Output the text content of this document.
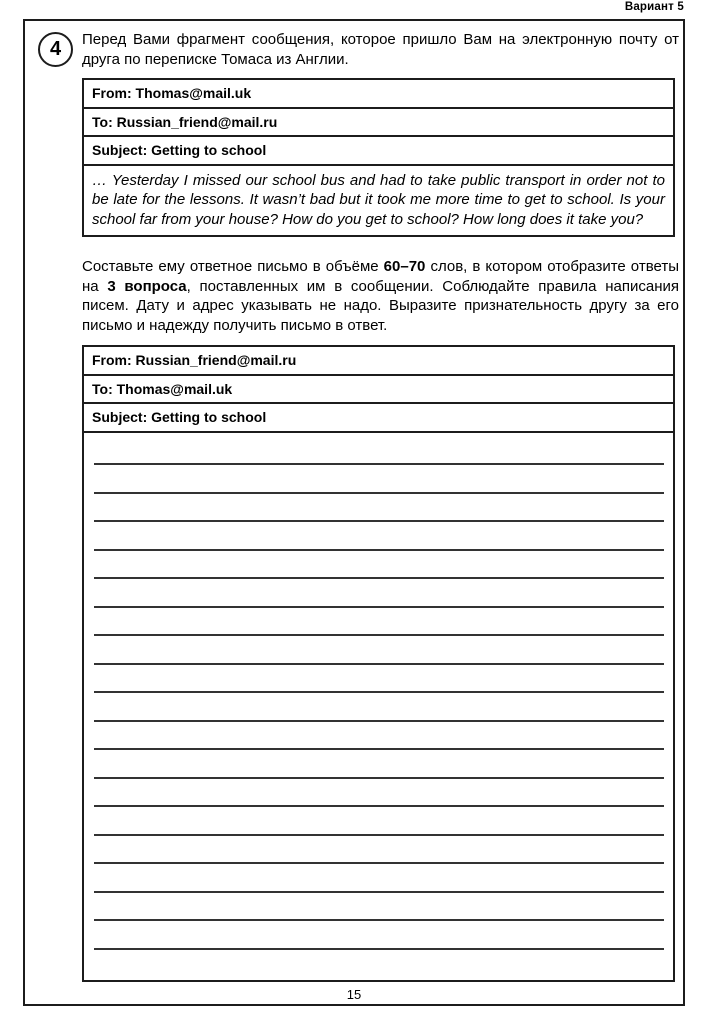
Вариант 5
4 Перед Вами фрагмент сообщения, которое пришло Вам на электронную почту от друга по переписке Томаса из Англии.

From: Thomas@mail.uk
To: Russian_friend@mail.ru
Subject: Getting to school
… Yesterday I missed our school bus and had to take public transport in order not to be late for the lessons. It wasn’t bad but it took me more time to get to school. Is your school far from your house? How do you get to school? How long does it take you?

Составьте ему ответное письмо в объёме 60–70 слов, в котором отобразите ответы на 3 вопроса, поставленных им в сообщении. Соблюдайте правила написания писем. Дату и адрес указывать не надо. Выразите признательность другу за его письмо и надежду получить письмо в ответ.

From: Russian_friend@mail.ru
To: Thomas@mail.uk
Subject: Getting to school
15
